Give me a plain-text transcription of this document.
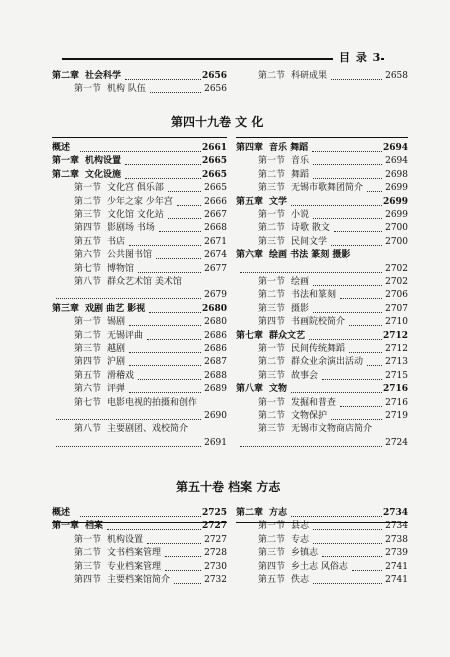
目 录 3
第四十九卷 文 化
第五十卷 档案 方志
第二章 社会科学	2656
第一节 机构 队伍	2656
第二节 科研成果	2658
概述	2661
第一章 机构设置	2665
第二章 文化设施	2665
第一节 文化宫 俱乐部	2665
第二节 少年之家 少年宫	2666
第三节 文化馆 文化站	2667
第四节 影剧场 书场	2668
第五节 书店	2671
第六节 公共图书馆	2674
第七节 博物馆	2677
第八节 群众艺术馆 美术馆
2679
第三章 戏剧 曲艺 影视	2680
第一节 锡剧	2680
第二节 无锡评曲	2686
第三节 越剧	2686
第四节 沪剧	2687
第五节 滑稽戏	2688
第六节 评弹	2689
第七节 电影电视的拍摄和创作
2690
第八节 主要剧团、戏校简介
2691
第四章 音乐 舞蹈	2694
第一节 音乐	2694
第二节 舞蹈	2698
第三节 无锡市歌舞团简介 2699
第五章 文学	2699
第一节 小说	2699
第二节 诗歌 散文	2700
第三节 民间文学	2700
第六章 绘画 书法 篆刻 摄影
2702
第一节 绘画	2702
第二节 书法和篆刻	2706
第三节 摄影	2707
第四节 书画院校简介	2710
第七章 群众文艺	2712
第一节 民间传统舞蹈	2712
第二节 群众业余演出活动 2713
第三节 故事会	2715
第八章 文物	2716
第一节 发掘和普查	2716
第二节 文物保护	2719
第三节 无锡市文物商店简介
2724
概述	2725
第一章 档案	2727
第一节 机构设置	2727
第二节 文书档案管理	2728
第三节 专业档案管理	2730
第四节 主要档案馆简介	2732
第二章 方志	2734
第一节 县志	2734
第二节 专志	2738
第三节 乡镇志	2739
第四节 乡土志 风俗志	2741
第五节 佚志	2741
